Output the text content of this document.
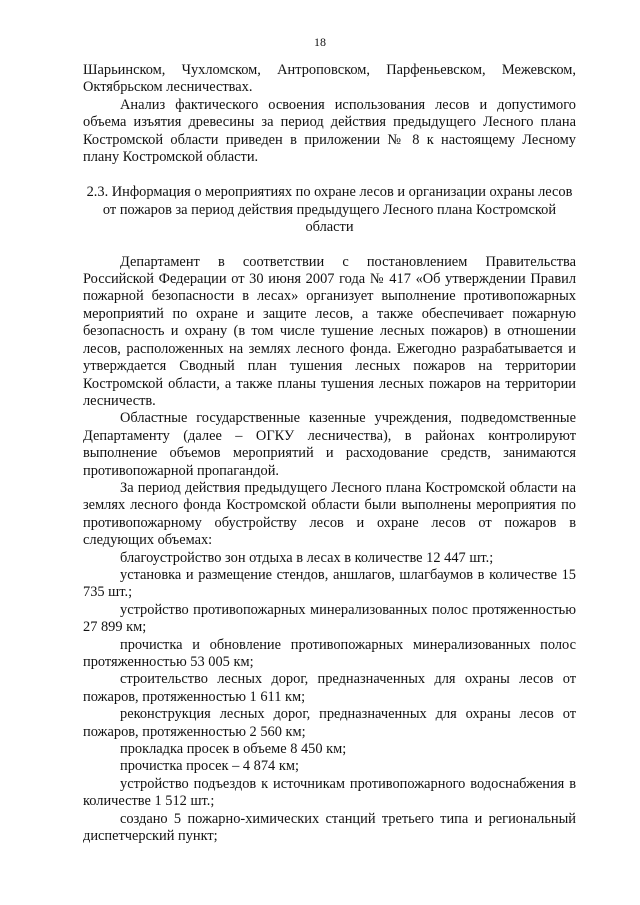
18

Шарьинском, Чухломском, Антроповском, Парфеньевском, Межевском, Октябрьском лесничествах.

Анализ фактического освоения использования лесов и допустимого объема изъятия древесины за период действия предыдущего Лесного плана Костромской области приведен в приложении № 8 к настоящему Лесному плану Костромской области.

2.3. Информация о мероприятиях по охране лесов и организации охраны лесов от пожаров за период действия предыдущего Лесного плана Костромской области

Департамент в соответствии с постановлением Правительства Российской Федерации от 30 июня 2007 года № 417 «Об утверждении Правил пожарной безопасности в лесах» организует выполнение противопожарных мероприятий по охране и защите лесов, а также обеспечивает пожарную безопасность и охрану (в том числе тушение лесных пожаров) в отношении лесов, расположенных на землях лесного фонда. Ежегодно разрабатывается и утверждается Сводный план тушения лесных пожаров на территории Костромской области, а также планы тушения лесных пожаров на территории лесничеств.

Областные государственные казенные учреждения, подведомственные Департаменту (далее – ОГКУ лесничества), в районах контролируют выполнение объемов мероприятий и расходование средств, занимаются противопожарной пропагандой.

За период действия предыдущего Лесного плана Костромской области на землях лесного фонда Костромской области были выполнены мероприятия по противопожарному обустройству лесов и охране лесов от пожаров в следующих объемах:

благоустройство зон отдыха в лесах в количестве 12 447 шт.;

установка и размещение стендов, аншлагов, шлагбаумов в количестве 15 735 шт.;

устройство противопожарных минерализованных полос протяженностью 27 899 км;

прочистка и обновление противопожарных минерализованных полос протяженностью 53 005 км;

строительство лесных дорог, предназначенных для охраны лесов от пожаров, протяженностью 1 611 км;

реконструкция лесных дорог, предназначенных для охраны лесов от пожаров, протяженностью 2 560 км;

прокладка просек в объеме 8 450 км;

прочистка просек – 4 874 км;

устройство подъездов к источникам противопожарного водоснабжения в количестве 1 512 шт.;

создано 5 пожарно-химических станций третьего типа и региональный диспетчерский пункт;
